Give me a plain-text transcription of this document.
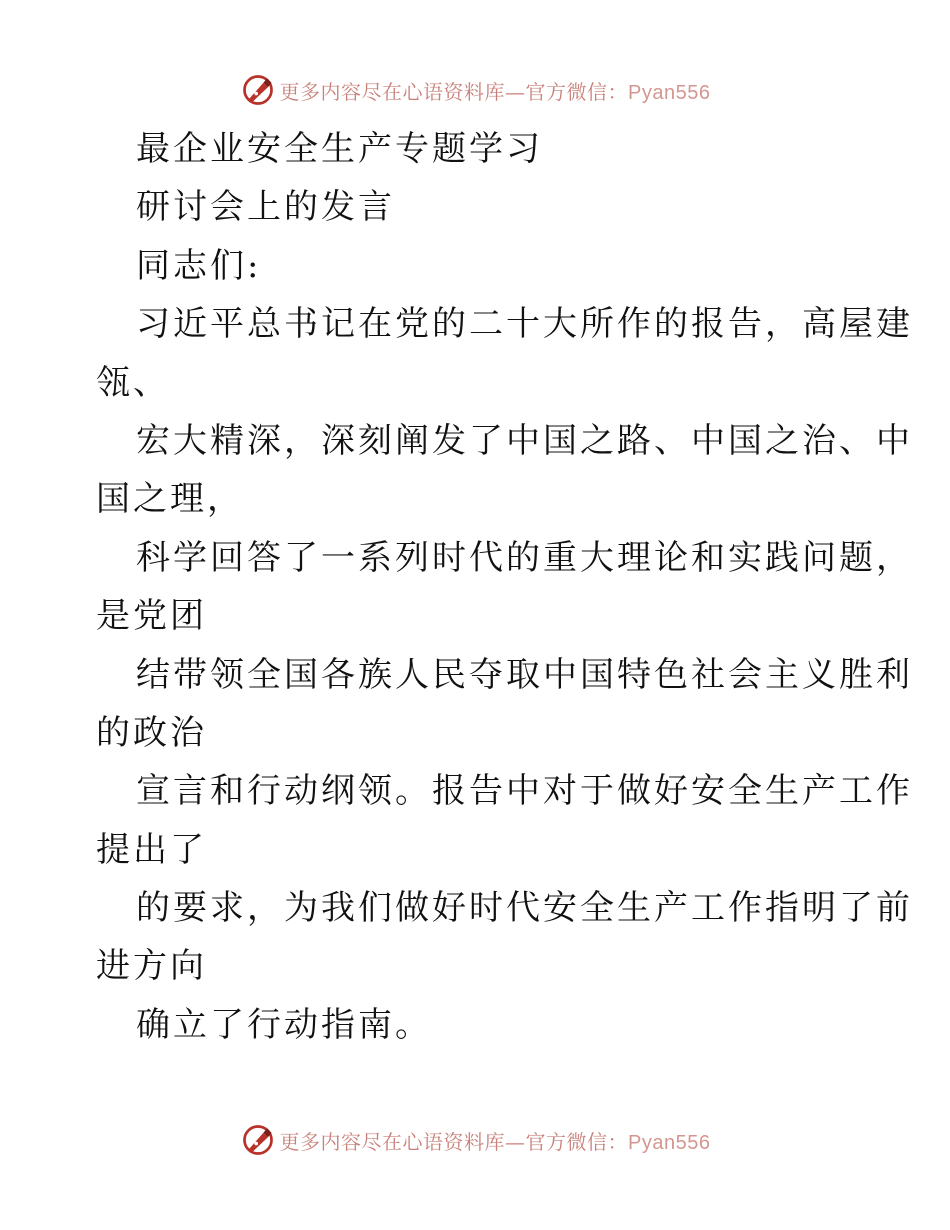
更多内容尽在心语资料库—官方微信：Pyan556
最企业安全生产专题学习
研讨会上的发言
同志们:
习近平总书记在党的二十大所作的报告，高屋建
瓴、
宏大精深，深刻阐发了中国之路、中国之治、中
国之理，
科学回答了一系列时代的重大理论和实践问题，
是党团
结带领全国各族人民夺取中国特色社会主义胜利
的政治
宣言和行动纲领。报告中对于做好安全生产工作
提出了
的要求，为我们做好时代安全生产工作指明了前
进方向
确立了行动指南。
更多内容尽在心语资料库—官方微信：Pyan556
